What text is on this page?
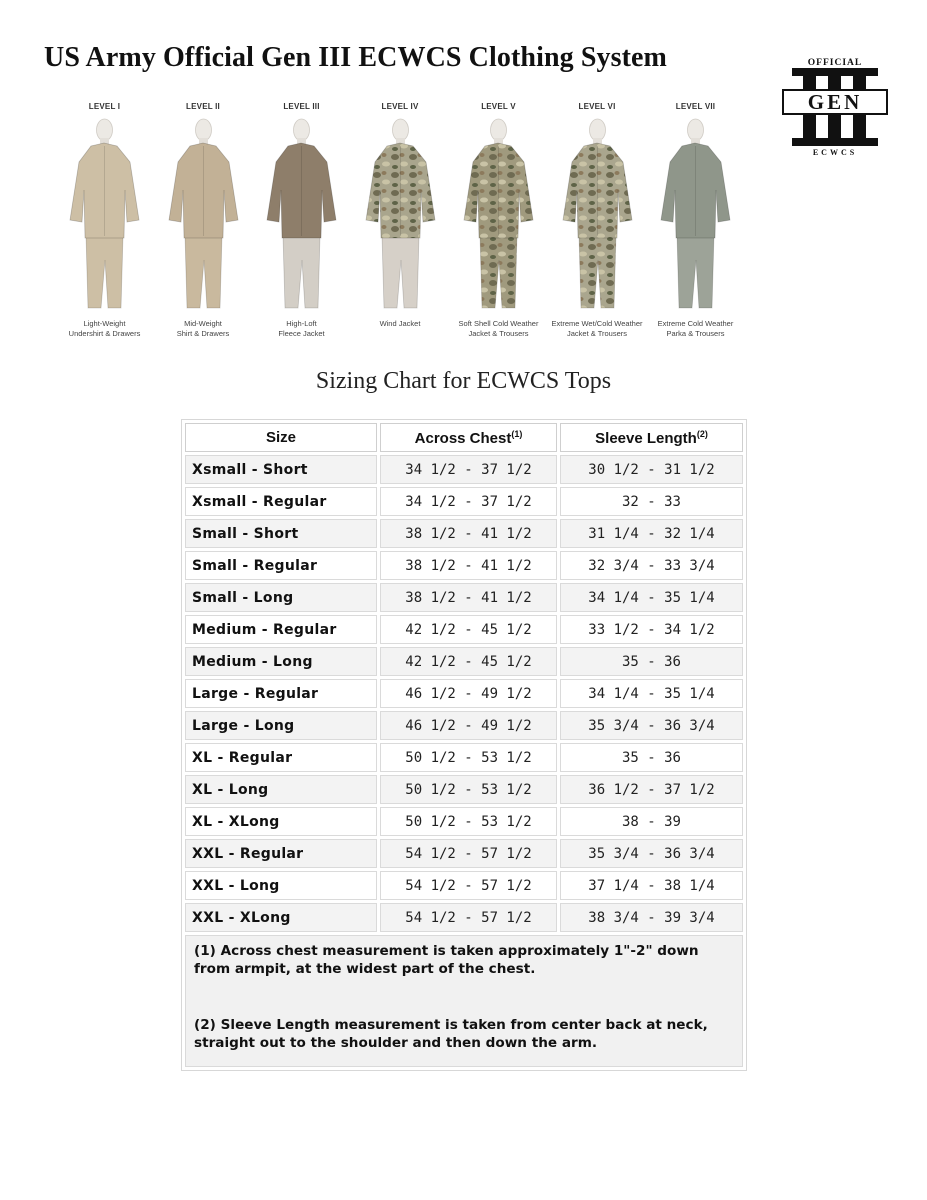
US Army Official Gen III ECWCS Clothing System	OFFICIAL
GEN
ECWCS
LEVEL I
Light-Weight
Undershirt & Drawers
LEVEL II
Mid-Weight
Shirt & Drawers
LEVEL III
High-Loft
Fleece Jacket
LEVEL IV
Wind Jacket
LEVEL V
Soft Shell Cold Weather
Jacket & Trousers
LEVEL VI
Extreme Wet/Cold Weather
Jacket & Trousers
LEVEL VII
Extreme Cold Weather
Parka & Trousers
Sizing Chart for ECWCS Tops
Size	Across Chest$^{(1)}$	Sleeve Length$^{(2)}$
Xsmall - Short	34 1/2 - 37 1/2	30 1/2 - 31 1/2
Xsmall - Regular	34 1/2 - 37 1/2	32 - 33
Small - Short	38 1/2 - 41 1/2	31 1/4 - 32 1/4
Small - Regular	38 1/2 - 41 1/2	32 3/4 - 33 3/4
Small - Long	38 1/2 - 41 1/2	34 1/4 - 35 1/4
Medium - Regular	42 1/2 - 45 1/2	33 1/2 - 34 1/2
Medium - Long	42 1/2 - 45 1/2	35 - 36
Large - Regular	46 1/2 - 49 1/2	34 1/4 - 35 1/4
Large - Long	46 1/2 - 49 1/2	35 3/4 - 36 3/4
XL - Regular	50 1/2 - 53 1/2	35 - 36
XL - Long	50 1/2 - 53 1/2	36 1/2 - 37 1/2
XL - XLong	50 1/2 - 53 1/2	38 - 39
XXL - Regular	54 1/2 - 57 1/2	35 3/4 - 36 3/4
XXL - Long	54 1/2 - 57 1/2	37 1/4 - 38 1/4
XXL - XLong	54 1/2 - 57 1/2	38 3/4 - 39 3/4

(1) Across chest measurement is taken approximately 1"-2" down from armpit, at the widest part of the chest.

(2) Sleeve Length measurement is taken from center back at neck, straight out to the shoulder and then down the arm.		
